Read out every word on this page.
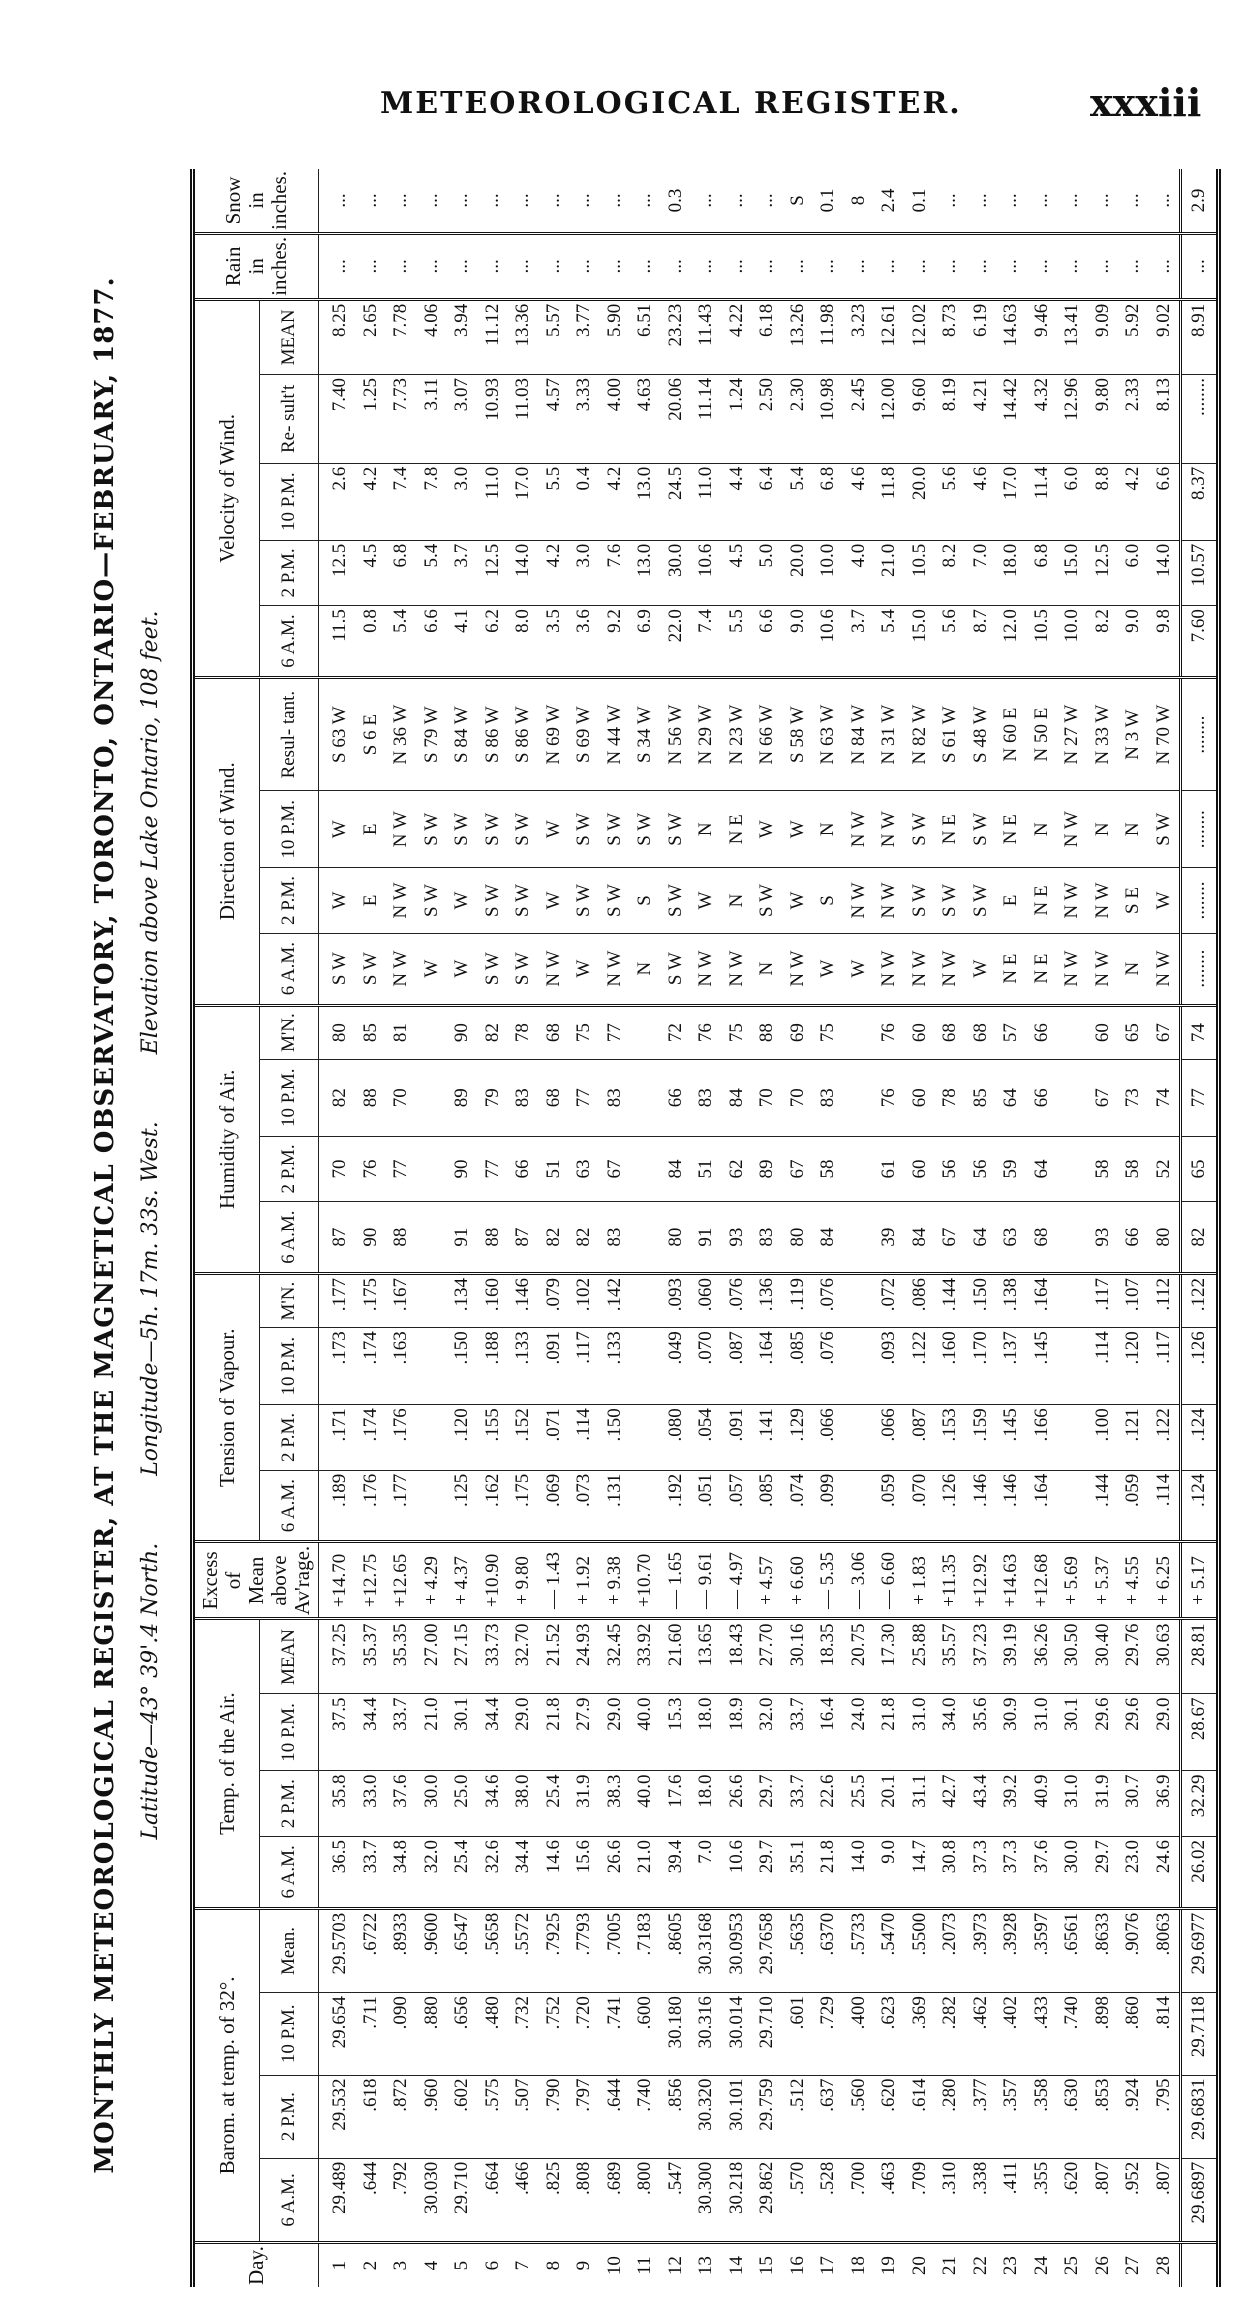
METEOROLOGICAL REGISTER.	xxxiii
MONTHLY METEOROLOGICAL REGISTER, AT THE MAGNETICAL OBSERVATORY, TORONTO, ONTARIO—FEBRUARY, 1877. Latitude—43° 39'.4 North. Longitude—5h. 17m. 33s. West. Elevation above Lake Ontario, 108 feet.
Day.	Barom. at temp. of 32°.				Temp. of the Air.				Excess of Mean above Av'rage.	Tension of Vapour.				Humidity of Air.				Direction of Wind.				Velocity of Wind.					Rain in inches.	Snow in inches.
	6 A.M.	2 P.M.	10 P.M.	Mean.	6 A.M.	2 P.M.	10 P.M.	MEAN		6 A.M.	2 P.M.	10 P.M.	M'N.	6 A.M.	2 P.M.	10 P.M.	M'N.	6 A.M.	2 P.M.	10 P.M.	Resul- tant.	6 A.M.	2 P.M.	10 P.M.	Re- sult't	MEAN		
1	29.489	29.532	29.654	29.5703	36.5	35.8	37.5	37.25	+14.70	.189	.171	.173	.177	87	70	82	80	S W	W	W	S 63 W	11.5	12.5	2.6	7.40	8.25	...	...
2	.644	.618	.711	.6722	33.7	33.0	34.4	35.37	+12.75	.176	.174	.174	.175	90	76	88	85	S W	E	E	S 6 E	0.8	4.5	4.2	1.25	2.65	...	...
3	.792	.872	.090	.8933	34.8	37.6	33.7	35.35	+12.65	.177	.176	.163	.167	88	77	70	81	N W	N W	N W	N 36 W	5.4	6.8	7.4	7.73	7.78	...	...
4	30.030	.960	.880	.9600	32.0	30.0	21.0	27.00	+ 4.29									W	S W	S W	S 79 W	6.6	5.4	7.8	3.11	4.06	...	...
5	29.710	.602	.656	.6547	25.4	25.0	30.1	27.15	+ 4.37	.125	.120	.150	.134	91	90	89	90	W	W	S W	S 84 W	4.1	3.7	3.0	3.07	3.94	...	...
6	.664	.575	.480	.5658	32.6	34.6	34.4	33.73	+10.90	.162	.155	.188	.160	88	77	79	82	S W	S W	S W	S 86 W	6.2	12.5	11.0	10.93	11.12	...	...
7	.466	.507	.732	.5572	34.4	38.0	29.0	32.70	+ 9.80	.175	.152	.133	.146	87	66	83	78	S W	S W	S W	S 86 W	8.0	14.0	17.0	11.03	13.36	...	...
8	.825	.790	.752	.7925	14.6	25.4	21.8	21.52	— 1.43	.069	.071	.091	.079	82	51	68	68	N W	W	W	N 69 W	3.5	4.2	5.5	4.57	5.57	...	...
9	.808	.797	.720	.7793	15.6	31.9	27.9	24.93	+ 1.92	.073	.114	.117	.102	82	63	77	75	W	S W	S W	S 69 W	3.6	3.0	0.4	3.33	3.77	...	...
10	.689	.644	.741	.7005	26.6	38.3	29.0	32.45	+ 9.38	.131	.150	.133	.142	83	67	83	77	N W	S W	S W	N 44 W	9.2	7.6	4.2	4.00	5.90	...	...
11	.800	.740	.600	.7183	21.0	40.0	40.0	33.92	+10.70									N	S	S W	S 34 W	6.9	13.0	13.0	4.63	6.51	...	...
12	.547	.856	30.180	.8605	39.4	17.6	15.3	21.60	— 1.65	.192	.080	.049	.093	80	84	66	72	S W	S W	S W	N 56 W	22.0	30.0	24.5	20.06	23.23	...	0.3
13	30.300	30.320	30.316	30.3168	7.0	18.0	18.0	13.65	— 9.61	.051	.054	.070	.060	91	51	83	76	N W	W	N	N 29 W	7.4	10.6	11.0	11.14	11.43	...	...
14	30.218	30.101	30.014	30.0953	10.6	26.6	18.9	18.43	— 4.97	.057	.091	.087	.076	93	62	84	75	N W	N	N E	N 23 W	5.5	4.5	4.4	1.24	4.22	...	...
15	29.862	29.759	29.710	29.7658	29.7	29.7	32.0	27.70	+ 4.57	.085	.141	.164	.136	83	89	70	88	N	S W	W	N 66 W	6.6	5.0	6.4	2.50	6.18	...	...
16	.570	.512	.601	.5635	35.1	33.7	33.7	30.16	+ 6.60	.074	.129	.085	.119	80	67	70	69	N W	W	W	S 58 W	9.0	20.0	5.4	2.30	13.26	...	S
17	.528	.637	.729	.6370	21.8	22.6	16.4	18.35	— 5.35	.099	.066	.076	.076	84	58	83	75	W	S	N	N 63 W	10.6	10.0	6.8	10.98	11.98	...	0.1
18	.700	.560	.400	.5733	14.0	25.5	24.0	20.75	— 3.06									W	N W	N W	N 84 W	3.7	4.0	4.6	2.45	3.23	...	8
19	.463	.620	.623	.5470	9.0	20.1	21.8	17.30	— 6.60	.059	.066	.093	.072	39	61	76	76	N W	N W	N W	N 31 W	5.4	21.0	11.8	12.00	12.61	...	2.4
20	.709	.614	.369	.5500	14.7	31.1	31.0	25.88	+ 1.83	.070	.087	.122	.086	84	60	60	60	N W	S W	S W	N 82 W	15.0	10.5	20.0	9.60	12.02	...	0.1
21	.310	.280	.282	.2073	30.8	42.7	34.0	35.57	+11.35	.126	.153	.160	.144	67	56	78	68	N W	S W	N E	S 61 W	5.6	8.2	5.6	8.19	8.73	...	...
22	.338	.377	.462	.3973	37.3	43.4	35.6	37.23	+12.92	.146	.159	.170	.150	64	56	85	68	W	S W	S W	S 48 W	8.7	7.0	4.6	4.21	6.19	...	...
23	.411	.357	.402	.3928	37.3	39.2	30.9	39.19	+14.63	.146	.145	.137	.138	63	59	64	57	N E	E	N E	N 60 E	12.0	18.0	17.0	14.42	14.63	...	...
24	.355	.358	.433	.3597	37.6	40.9	31.0	36.26	+12.68	.164	.166	.145	.164	68	64	66	66	N E	N E	N	N 50 E	10.5	6.8	11.4	4.32	9.46	...	...
25	.620	.630	.740	.6561	30.0	31.0	30.1	30.50	+ 5.69									N W	N W	N W	N 27 W	10.0	15.0	6.0	12.96	13.41	...	...
26	.807	.853	.898	.8633	29.7	31.9	29.6	30.40	+ 5.37	.144	.100	.114	.117	93	58	67	60	N W	N W	N	N 33 W	8.2	12.5	8.8	9.80	9.09	...	...
27	.952	.924	.860	.9076	23.0	30.7	29.6	29.76	+ 4.55	.059	.121	.120	.107	66	58	73	65	N	S E	N	N 3 W	9.0	6.0	4.2	2.33	5.92	...	...
28	.807	.795	.814	.8063	24.6	36.9	29.0	30.63	+ 6.25	.114	.122	.117	.112	80	52	74	67	N W	W	S W	N 70 W	9.8	14.0	6.6	8.13	9.02	...	...
	29.6897	29.6831	29.7118	29.6977	26.02	32.29	28.67	28.81	+ 5.17	.124	.124	.126	.122	82	65	77	74	........	........	........	........	7.60	10.57	8.37	........	8.91	...	2.9
